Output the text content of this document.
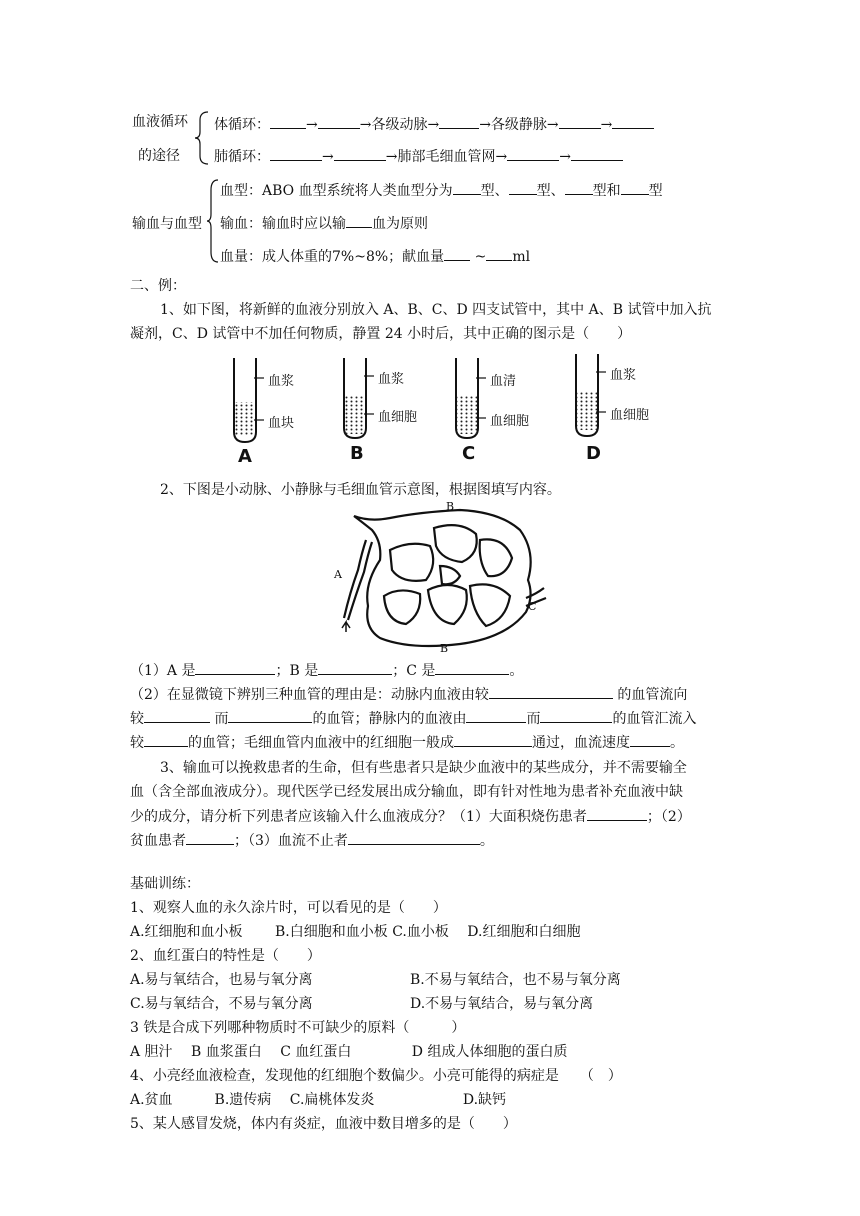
血液循环
的途径
体循环：	→	→各级动脉→	→各级静脉→	→
肺循环：	→	→肺部毛细血管网→	→
输血与血型
血型：ABO 血型系统将人类血型分为 型、 型、 型和 型
输血：输血时应以输 血为原则
血量：成人体重的7%~8%；献血量 ~ ml
二、例：
1、如下图，将新鲜的血液分别放入 A、B、C、D 四支试管中，其中 A、B 试管中加入抗
凝剂，C、D 试管中不加任何物质，静置 24 小时后，其中正确的图示是（　　）
血浆
血块
血浆
血细胞
血清
血细胞
血浆
血细胞
A	B	C	D
2、下图是小动脉、小静脉与毛细血管示意图，根据图填写内容。
B
A
C
B
（1）A 是	；B 是	；C 是	。
（2）在显微镜下辨别三种血管的理由是：动脉内血液由较	的血管流向
较	而	的血管；静脉内的血液由	而	的血管汇流入
较	的血管；毛细血管内血液中的红细胞一般成	通过，血流速度	。
3、输血可以挽救患者的生命，但有些患者只是缺少血液中的某些成分，并不需要输全
血（含全部血液成分）。现代医学已经发展出成分输血，即有针对性地为患者补充血液中缺
少的成分，请分析下列患者应该输入什么血液成分？（1）大面积烧伤患者	；（2）
贫血患者	；（3）血流不止者	。
基础训练：
1、观察人血的永久涂片时，可以看见的是（　　）
A.红细胞和血小板　　 B.白细胞和血小板 C.血小板　 D.红细胞和白细胞
2、血红蛋白的特性是（　　）
A.易与氧结合，也易与氧分离	B.不易与氧结合，也不易与氧分离
C.易与氧结合，不易与氧分离	D.不易与氧结合，易与氧分离
3 铁是合成下列哪种物质时不可缺少的原料（　　　）
A 胆汁　 B 血浆蛋白　 C 血红蛋白　　　　 D 组成人体细胞的蛋白质
4、小亮经血液检查，发现他的红细胞个数偏少。小亮可能得的病症是　　（　）
A.贫血　　　B.遗传病　 C.扁桃体发炎　　　　　　 D.缺钙
5、某人感冒发烧，体内有炎症，血液中数目增多的是（　　）
